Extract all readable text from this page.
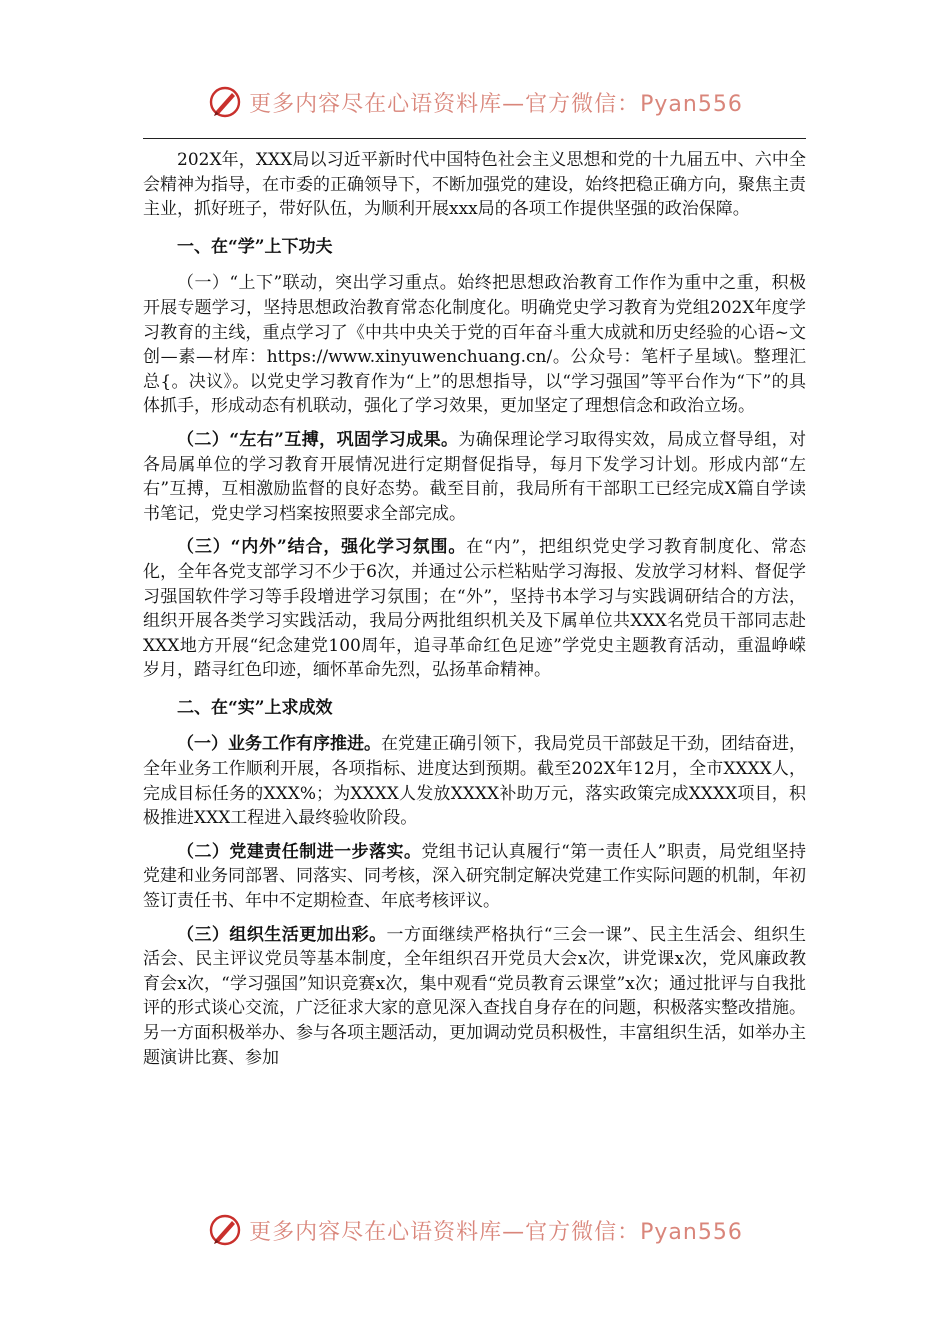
更多内容尽在心语资料库—官方微信：Pyan556

202X年，XXX局以习近平新时代中国特色社会主义思想和党的十九届五中、六中全会精神为指导，在市委的正确领导下，不断加强党的建设，始终把稳正确方向，聚焦主责主业，抓好班子，带好队伍，为顺利开展xxx局的各项工作提供坚强的政治保障。

一、在“学”上下功夫

（一）“上下”联动，突出学习重点。始终把思想政治教育工作作为重中之重，积极开展专题学习，坚持思想政治教育常态化制度化。明确党史学习教育为党组202X年度学习教育的主线，重点学习了《中共中央关于党的百年奋斗重大成就和历史经验的心语~文创—素—材库：https://www.xinyuwenchuang.cn/。公众号：笔杆子星域\。整理汇总{。决议》。以党史学习教育作为“上”的思想指导，以“学习强国”等平台作为“下”的具体抓手，形成动态有机联动，强化了学习效果，更加坚定了理想信念和政治立场。

（二）“左右”互搏，巩固学习成果。为确保理论学习取得实效，局成立督导组，对各局属单位的学习教育开展情况进行定期督促指导，每月下发学习计划。形成内部“左右”互搏，互相激励监督的良好态势。截至目前，我局所有干部职工已经完成X篇自学读书笔记，党史学习档案按照要求全部完成。

（三）“内外”结合，强化学习氛围。在“内”，把组织党史学习教育制度化、常态化，全年各党支部学习不少于6次，并通过公示栏粘贴学习海报、发放学习材料、督促学习强国软件学习等手段增进学习氛围；在“外”，坚持书本学习与实践调研结合的方法，组织开展各类学习实践活动，我局分两批组织机关及下属单位共XXX名党员干部同志赴XXX地方开展“纪念建党100周年，追寻革命红色足迹”学党史主题教育活动，重温峥嵘岁月，踏寻红色印迹，缅怀革命先烈，弘扬革命精神。

二、在“实”上求成效

（一）业务工作有序推进。在党建正确引领下，我局党员干部鼓足干劲，团结奋进，全年业务工作顺利开展，各项指标、进度达到预期。截至202X年12月，全市XXXX人，完成目标任务的XXX%；为XXXX人发放XXXX补助万元，落实政策完成XXXX项目，积极推进XXX工程进入最终验收阶段。

（二）党建责任制进一步落实。党组书记认真履行“第一责任人”职责，局党组坚持党建和业务同部署、同落实、同考核，深入研究制定解决党建工作实际问题的机制，年初签订责任书、年中不定期检查、年底考核评议。

（三）组织生活更加出彩。一方面继续严格执行“三会一课”、民主生活会、组织生活会、民主评议党员等基本制度，全年组织召开党员大会x次，讲党课x次，党风廉政教育会x次，“学习强国”知识竞赛x次，集中观看“党员教育云课堂”x次；通过批评与自我批评的形式谈心交流，广泛征求大家的意见深入查找自身存在的问题，积极落实整改措施。另一方面积极举办、参与各项主题活动，更加调动党员积极性，丰富组织生活，如举办主题演讲比赛、参加

更多内容尽在心语资料库—官方微信：Pyan556
